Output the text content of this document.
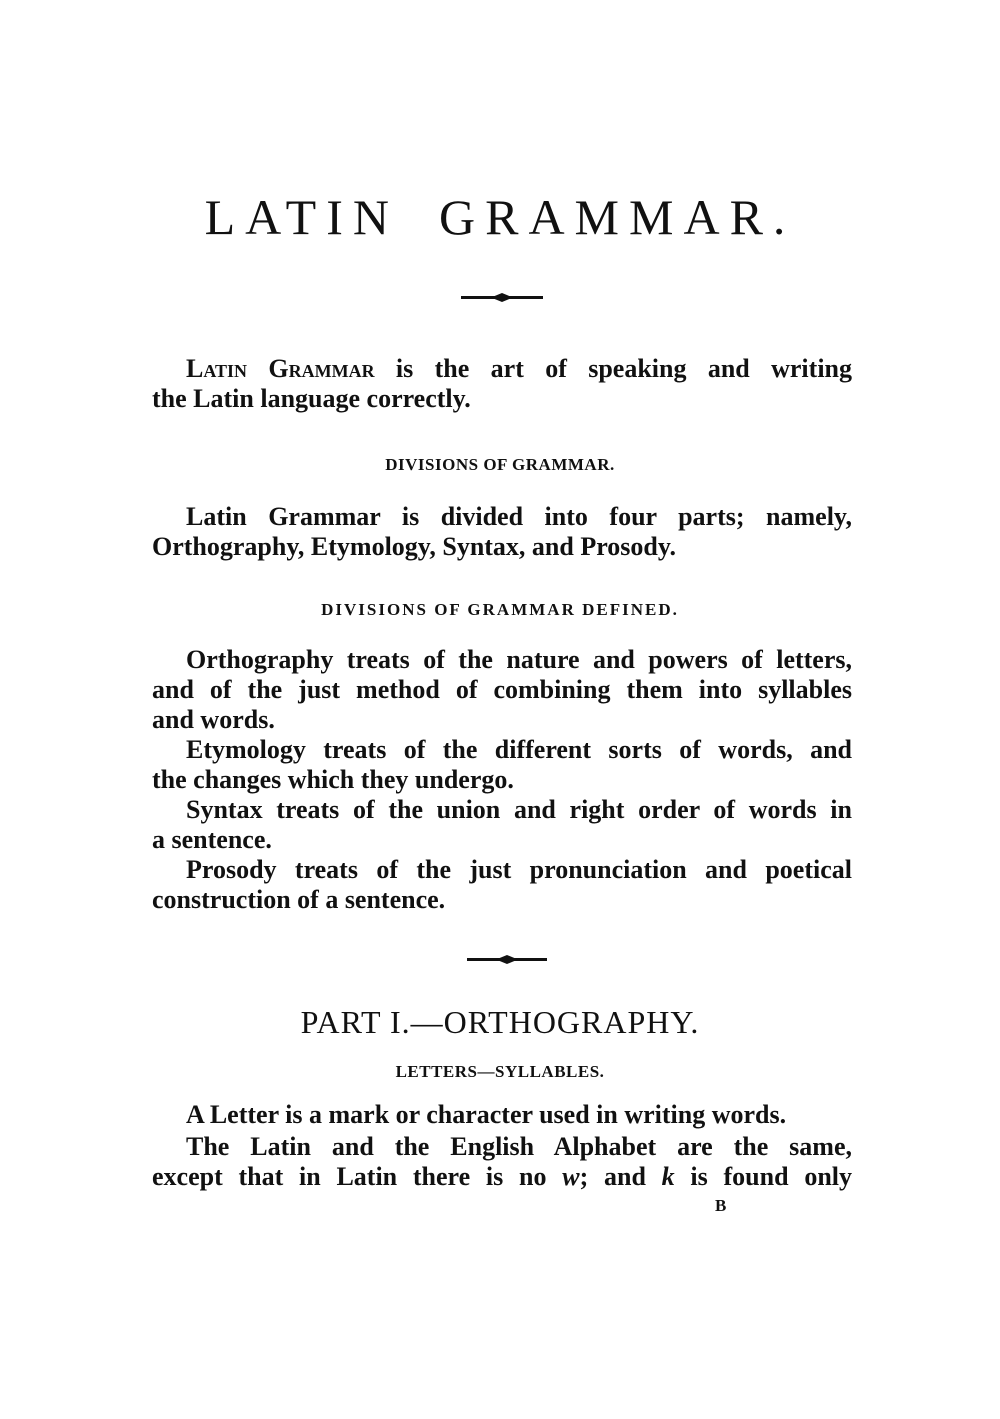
LATIN GRAMMAR.
Latin Grammar is the art of speaking and writing
the Latin language correctly.
DIVISIONS OF GRAMMAR.
Latin Grammar is divided into four parts; namely,
Orthography, Etymology, Syntax, and Prosody.
DIVISIONS OF GRAMMAR DEFINED.
Orthography treats of the nature and powers of letters,
and of the just method of combining them into syllables
and words.
Etymology treats of the different sorts of words, and
the changes which they undergo.
Syntax treats of the union and right order of words in
a sentence.
Prosody treats of the just pronunciation and poetical
construction of a sentence.
PART I.—ORTHOGRAPHY.
LETTERS—SYLLABLES.
A Letter is a mark or character used in writing words.
The Latin and the English Alphabet are the same,
except that in Latin there is no w; and k is found only
B
